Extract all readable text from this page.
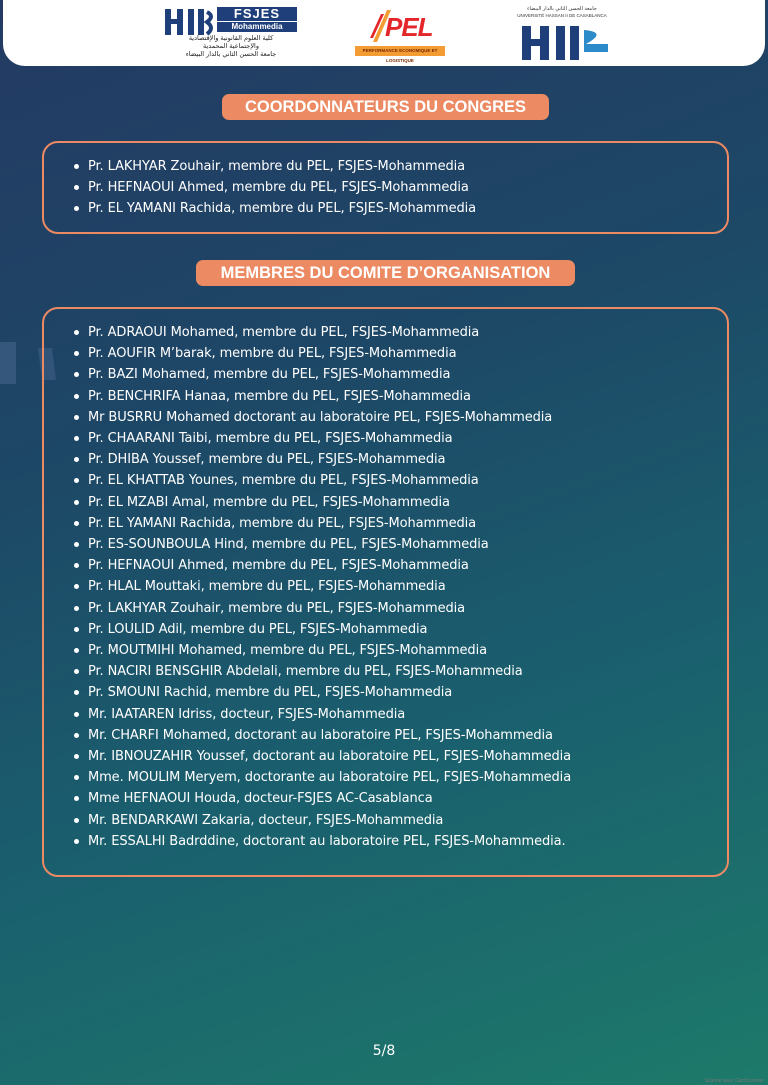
FSJES
Mohammedia
كلية العلوم القانونية والإقتصادية
والإجتماعية المحمدية
جامعة الحسن الثاني بالدار البيضاء
PEL
PERFORMANCE ECONOMIQUE ET LOGISTIQUE
جامعة الحسن الثاني بالدار البيضاء
UNIVERSITÉ HASSAN II DE CASABLANCA
COORDONNATEURS DU CONGRES
Pr. LAKHYAR Zouhair, membre du PEL, FSJES-Mohammedia
Pr. HEFNAOUI Ahmed, membre du PEL, FSJES-Mohammedia
Pr. EL YAMANI Rachida, membre du PEL, FSJES-Mohammedia
MEMBRES DU COMITE D’ORGANISATION
Pr. ADRAOUI Mohamed, membre du PEL, FSJES-Mohammedia
Pr. AOUFIR M’barak, membre du PEL, FSJES-Mohammedia
Pr. BAZI Mohamed, membre du PEL, FSJES-Mohammedia
Pr. BENCHRIFA Hanaa, membre du PEL, FSJES-Mohammedia
Mr BUSRRU Mohamed doctorant au laboratoire PEL, FSJES-Mohammedia
Pr. CHAARANI Taibi, membre du PEL, FSJES-Mohammedia
Pr. DHIBA Youssef, membre du PEL, FSJES-Mohammedia
Pr. EL KHATTAB Younes, membre du PEL, FSJES-Mohammedia
Pr. EL MZABI Amal, membre du PEL, FSJES-Mohammedia
Pr. EL YAMANI Rachida, membre du PEL, FSJES-Mohammedia
Pr. ES-SOUNBOULA Hind, membre du PEL, FSJES-Mohammedia
Pr. HEFNAOUI Ahmed, membre du PEL, FSJES-Mohammedia
Pr. HLAL Mouttaki, membre du PEL, FSJES-Mohammedia
Pr. LAKHYAR Zouhair, membre du PEL, FSJES-Mohammedia
Pr. LOULID Adil, membre du PEL, FSJES-Mohammedia
Pr. MOUTMIHI Mohamed, membre du PEL, FSJES-Mohammedia
Pr. NACIRI BENSGHIR Abdelali, membre du PEL, FSJES-Mohammedia
Pr. SMOUNI Rachid, membre du PEL, FSJES-Mohammedia
Mr. IAATAREN Idriss, docteur, FSJES-Mohammedia
Mr. CHARFI Mohamed, doctorant au laboratoire PEL, FSJES-Mohammedia
Mr. IBNOUZAHIR Youssef, doctorant au laboratoire PEL, FSJES-Mohammedia
Mme. MOULIM Meryem, doctorante au laboratoire PEL, FSJES-Mohammedia
Mme HEFNAOUI Houda, docteur-FSJES AC-Casablanca
Mr. BENDARKAWI Zakaria, docteur, FSJES-Mohammedia
Mr. ESSALHI Badrddine, doctorant au laboratoire PEL, FSJES-Mohammedia.
5/8
Scanné avec CamScanner
